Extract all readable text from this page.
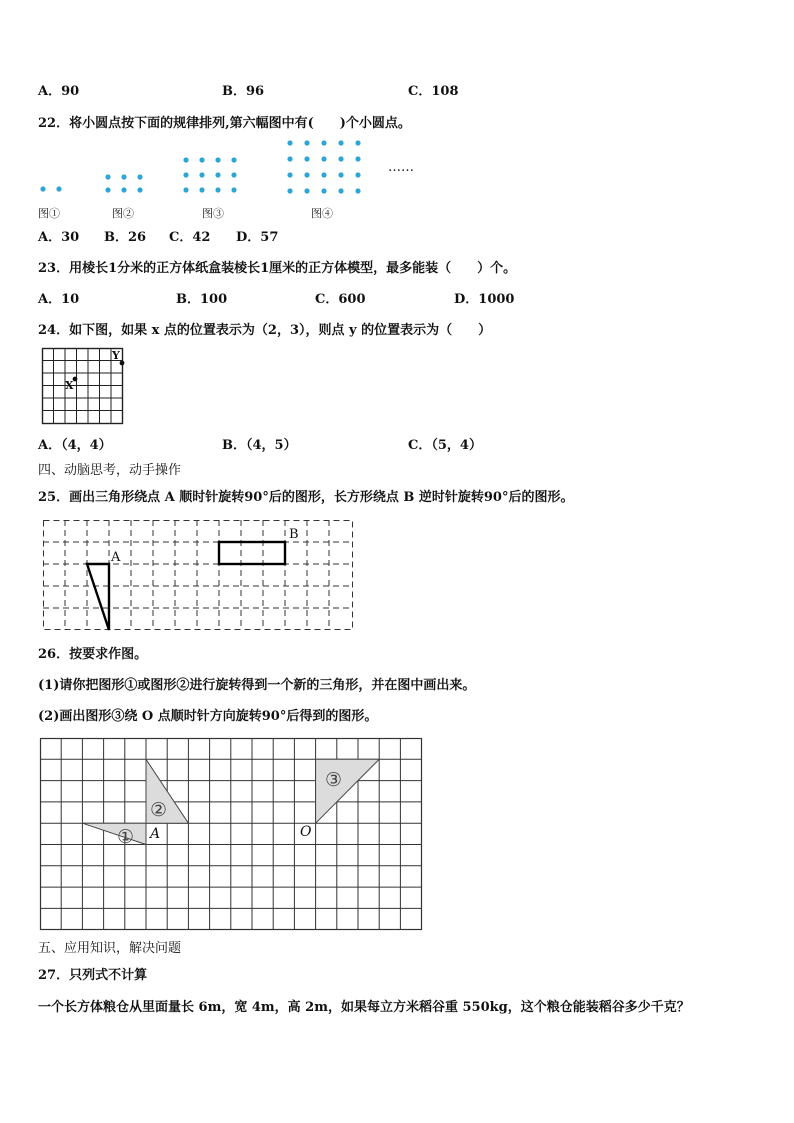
A．90	B．96	C．108
22．将小圆点按下面的规律排列,第六幅图中有(　　)个小圆点。
……
图①	图②	图③	图④
A．30 B．26 C．42 D．57
23．用棱长1分米的正方体纸盒装棱长1厘米的正方体模型，最多能装（　　）个。
A．10	B．100	C．600	D．1000
24．如下图，如果 x 点的位置表示为（2，3），则点 y 的位置表示为（　　）
X
Y
A．（4，4）	B．（4，5）	C．（5，4）
四、动脑思考，动手操作
25．画出三角形绕点 A 顺时针旋转90°后的图形，长方形绕点 B 逆时针旋转90°后的图形。
A
B
26．按要求作图。
(1)请你把图形①或图形②进行旋转得到一个新的三角形，并在图中画出来。
(2)画出图形③绕 O 点顺时针方向旋转90°后得到的图形。
①
②
③
A	O
五、应用知识，解决问题
27．只列式不计算
一个长方体粮仓从里面量长 6m，宽 4m，高 2m，如果每立方米稻谷重 550kg，这个粮仓能装稻谷多少千克？
